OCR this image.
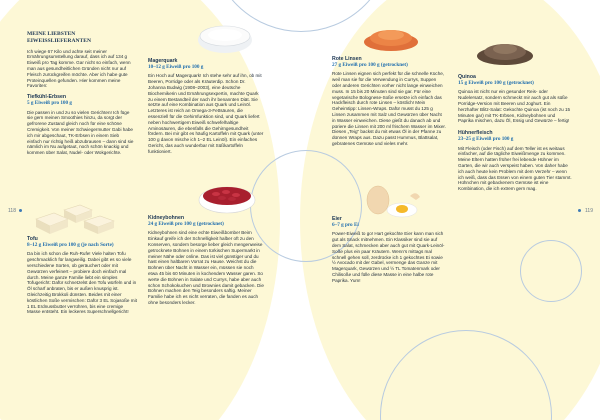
118	119
MEINE LIEBSTEN EIWEISSLIEFERANTEN

Ich wiege 67 Kilo und achte seit meiner Ernährungsumstellung darauf, dass ich auf 134 g Eiweiß pro Tag komme. Gar nicht so einfach, wenn man aus gesundheitlichen Gründen nicht nur auf Fleisch zurückgreifen möchte. Aber ich habe gute Proteinquellen gefunden. Hier kommen meine Favoriten:

Tiefkühl-Erbsen
5 g Eiweiß pro 100 g

Die passen in und zu so vielen Gerichten! Ich füge sie gern meinen Smoothies hinzu, da sorgt der gefrorene Zustand gleich noch für eine schöne Cremigkeit. Von meiner Schwiegermutter Gabi habe ich mir abgeschaut, TK-Erbsen in einem Sieb einfach nur richtig heiß abzubrausen – dann sind sie nämlich im Nu aufgetaut, noch schön knackig und kommen über Salat, Nudel- oder Wokgerichte.

Tofu
8–12 g Eiweiß pro 100 g (je nach Sorte)

Da bin ich schon die Ruh-Rufe! Viele halten Tofu geschmacklich für langweilig. Dabei gibt es so viele verschiedene Sorten, ob geräuchert oder mit Gewürzen verfeinert – probiere doch einfach mal durch. Meine ganze Familie liebt ein simples Tofugericht: Dafür schnetzelst den Tofu würfeln und in Öl scharf anbraten, bis er außen knusprig ist. Gleichzeitig Brokkoli dünsten. Beides mit einer köstlichen Soße vermischen: Dafür 3 EL Sojasoße mit 1 EL Erdnussbutter verrühren, bis eine cremige Masse entsteht. Ein leckeres Superschnellgericht!

Magerquark
10–12 g Eiweiß pro 100 g

Ein Hoch auf Magerquark! Ich stehe sehr auf ihn, ob mit Beeren, Porridge oder als Kräuterdip. Schon Dr. Johanna Budwig (1908–2003), eine deutsche Biochemikerin und Ernährungsexpertin, machte Quark zu einem Bestandteil der nach ihr benannten Diät. Sie setzte auf eine Kombination aus Quark und Leinöl. Letzteres ist reich an Omega-3-Fettsäuren, die essenziell für die Gehirnfunktion sind, und Quark liefert neben hochwertigem Eiweiß schwefelhaltige Aminosäuren, die ebenfalls die Gehirngesundheit fördern. Bei mir gibt es häufig Kartoffeln mit Quark (unter 100 g davon mische ich 1–2 EL Leinöl). Ein einfaches Gericht, das auch wunderbar mit Süßkartoffeln funktioniert.

Kidneybohnen
24 g Eiweiß pro 100 g (getrocknet)

Kidneybohnen sind eine echte Eiweißbombe! Beim Einkauf greife ich der Schnelligkeit halber oft zu den Konserven, sondern besorge lieber gleich mengenweise getrocknete Bohnen in einem türkischen Supermarkt in meiner Nähe oder online. Das ist viel günstiger und du hast einen haltbaren Vorrat zu Hause. Weichst du die Bohnen über Nacht in Wasser ein, müssen sie noch etwa 45 bis 60 Minuten in kochendem Wasser garen. So werte die Bohnen in Salate und Currys, habe aber auch schon Schokokuchen und Brownies damit gebacken. Die Bohnen machen den Teig besonders saftig. Meiner Familie habe ich es nicht verraten, die fanden es auch ohne besonders lecker.

Rote Linsen
27 g Eiweiß pro 100 g (getrocknet)

Rote Linsen eignen sich perfekt für die schnelle Küche, weil man sie für die Verwendung in Currys, Suppen oder anderen Gerichten vorher nicht lange einweichen muss. In 15 bis 20 Minuten sind sie gar. Für eine vegetarische Bolognese-Soße ersetze ich einfach das Hackfleisch durch rote Linsen – köstlich! Mein Geheimtipp: Linsen-Wraps. Dafür musst du 125 g Linsen zusammen mit Salz und Gewürzen über Nacht in Wasser einweichen. Diese gießt du danach ab und püriere die Linsen mit 200 ml frischem Wasser im Mixer. Diesen „Teig“ backst du mit etwas Öl in der Pfanne zu dünnen Wraps aus. Dazu passt Hummus, Blattsalat, gebratenes Gemüse und vieles mehr.

Eier
6–7 g pro Ei

Power-Eiweiß to go! Hart gekochte Eier kann man sich gut als Snack mitnehmen. Ein Klassiker sind sie auf dem Salat, schmecken aber auch gut mit Quark-Leinöl-Soße plus ein paar Kräutern. Wenn’s mittags mal schnell gehen soll, zerdrücke ich 1 gekochtes Ei sowie ½ Avocado mit der Gabel, vermenge das Ganze mit Magerquark, Gewürzen und ½ TL Tomatenmark oder Chilisoße und fülle diese Masse in eine halbe rote Paprika. Yum!

Quinoa
15 g Eiweiß pro 100 g (getrocknet)

Quinoa ist nicht nur ein gesunder Reis- oder Nudelersatz, sondern schmeckt mir auch gut als süße Porridge-Version mit Beeren und Joghurt. Ein herzhafter Blitz-Salat: Gekochte Quinoa (ist noch zu 15 Minuten gar) mit TK-Erbsen, Kidneybohnen und Paprika mischen, dazu Öl, Essig und Gewürze – fertig!

Hühnerfleisch
23–25 g Eiweiß pro 100 g

Mit Fleisch (oder Fisch) auf dem Teller ist es weitaus einfacher, auf die tägliche Eiweißmenge zu kommen. Meine Eltern hatten früher frei lebende Hühner im Garten, die wir auch verspeist haben. Von daher habe ich auch heute kein Problem mit dem Verzehr – wenn ich weiß, dass das Essen von einem guten Tier stammt. Hühnchen mit gebackenem Gemüse ist eine Kombination, die ich extrem gern mag.
